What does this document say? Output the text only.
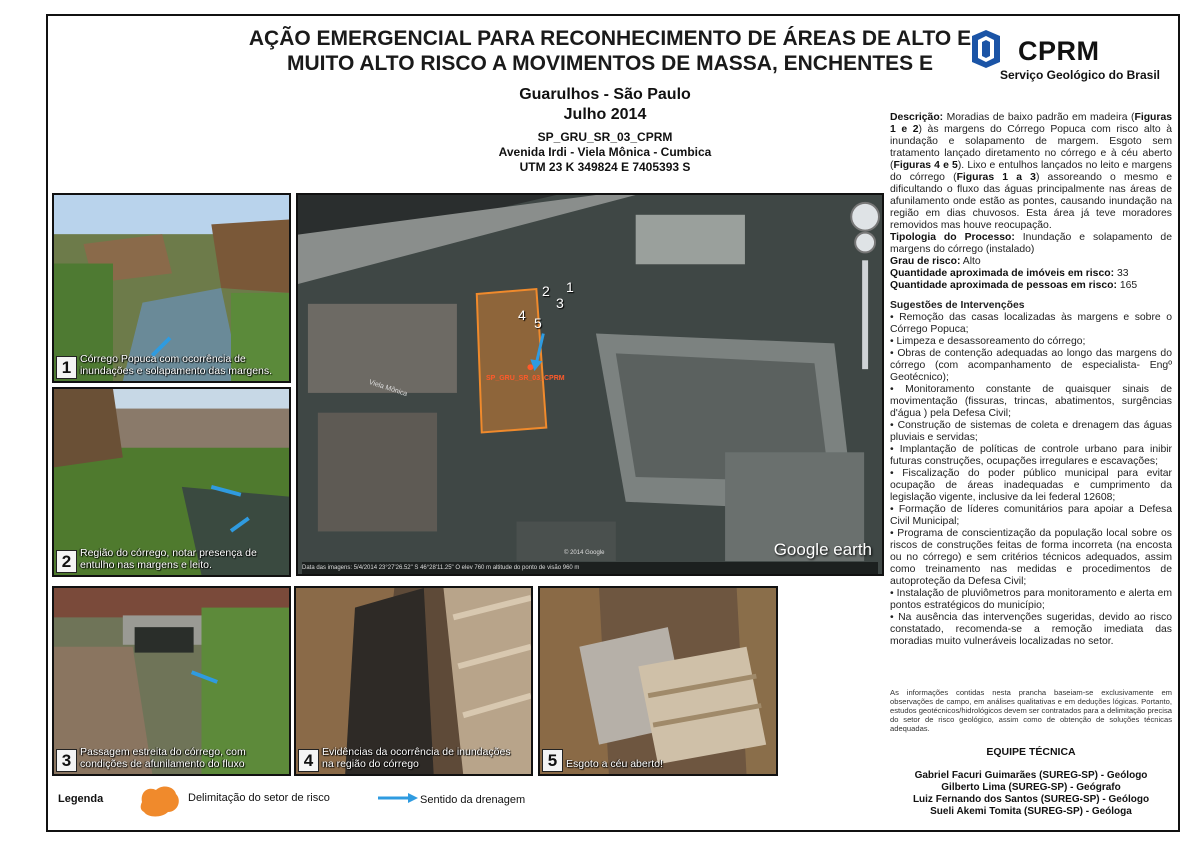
AÇÃO EMERGENCIAL PARA RECONHECIMENTO DE ÁREAS DE ALTO E
MUITO ALTO RISCO A MOVIMENTOS DE MASSA, ENCHENTES E	CPRM
Serviço Geológico do Brasil
Guarulhos - São Paulo
Julho 2014
SP_GRU_SR_03_CPRM
Avenida Irdi - Viela Mônica - Cumbica
UTM 23 K 349824 E 7405393 S
1 Córrego Popuca com ocorrência de inundações e solapamento das margens.
2 Região do córrego, notar presença de entulho nas margens e leito.
3 Passagem estreita do córrego, com condições de afunilamento do fluxo	4 Evidências da ocorrência de inundações na região do córrego	5 Esgoto a céu aberto!
1
2
3
4 5
SP_GRU_SR_03_CPRM
Viela Mônica
© 2014 Google	Google earth
Data das imagens: 5/4/2014 23°27'26.52" S 46°28'11.25" O elev 760 m altitude do ponto de visão 960 m

Descrição: Moradias de baixo padrão em madeira (Figuras 1 e 2) às margens do Córrego Popuca com risco alto à inundação e solapamento de margem. Esgoto sem tratamento lançado diretamento no córrego e à céu aberto (Figuras 4 e 5). Lixo e entulhos lançados no leito e margens do córrego (Figuras 1 a 3) assoreando o mesmo e dificultando o fluxo das águas principalmente nas áreas de afunilamento onde estão as pontes, causando inundação na região em dias chuvosos. Esta área já teve moradores removidos mas houve reocupação.

Tipologia do Processo: Inundação e solapamento de margens do córrego (instalado)

Grau de risco: Alto

Quantidade aproximada de imóveis em risco: 33

Quantidade aproximada de pessoas em risco: 165

Sugestões de Intervenções

• Remoção das casas localizadas às margens e sobre o Córrego Popuca;
• Limpeza e desassoreamento do córrego;
• Obras de contenção adequadas ao longo das margens do córrego (com acompanhamento de especialista- Engº Geotécnico);
• Monitoramento constante de quaisquer sinais de movimentação (fissuras, trincas, abatimentos, surgências d'água ) pela Defesa Civil;
• Construção de sistemas de coleta e drenagem das águas pluviais e servidas;
• Implantação de políticas de controle urbano para inibir futuras construções, ocupações irregulares e escavações;
• Fiscalização do poder público municipal para evitar ocupação de áreas inadequadas e cumprimento da legislação vigente, inclusive da lei federal 12608;
• Formação de líderes comunitários para apoiar a Defesa Civil Municipal;
• Programa de conscientização da população local sobre os riscos de construções feitas de forma incorreta (na encosta ou no córrego) e sem critérios técnicos adequados, assim como treinamento nas medidas e procedimentos de autoproteção da Defesa Civil;
• Instalação de pluviômetros para monitoramento e alerta em pontos estratégicos do município;
• Na ausência das intervenções sugeridas, devido ao risco constatado, recomenda-se a remoção imediata das moradias muito vulneráveis localizadas no setor.
As informações contidas nesta prancha baseiam-se exclusivamente em observações de campo, em análises qualitativas e em deduções lógicas. Portanto, estudos geotécnicos/hidrológicos devem ser contratados para a delimitação precisa do setor de risco geológico, assim como de obtenção de soluções técnicas adequadas.
EQUIPE TÉCNICA
Gabriel Facuri Guimarães (SUREG-SP) - Geólogo
Gilberto Lima (SUREG-SP) - Geógrafo
Luiz Fernando dos Santos (SUREG-SP) - Geólogo
Sueli Akemi Tomita (SUREG-SP) - Geóloga
Legenda	Delimitação do setor de risco	Sentido da drenagem
